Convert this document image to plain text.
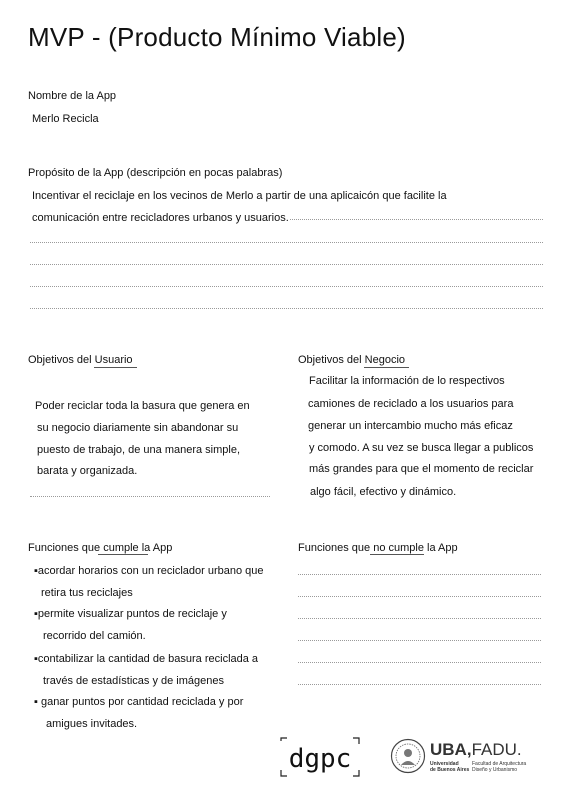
MVP - (Producto Mínimo Viable)
Nombre de la App
Merlo Recicla
Propósito de la App (descripción en pocas palabras)
Incentivar el reciclaje en los vecinos de Merlo a partir de una aplicaicón que facilite la
comunicación entre recicladores urbanos y usuarios.
Objetivos del Usuario
Poder reciclar toda la basura que genera en
su negocio diariamente sin abandonar su
puesto de trabajo, de una manera simple,
barata y organizada.
Objetivos del Negocio
Facilitar la información de lo respectivos
camiones de reciclado a los usuarios para
generar un intercambio mucho más eficaz
y comodo. A su vez se busca llegar a publicos
más grandes para que el momento de reciclar
algo fácil, efectivo y dinámico.
Funciones que cumple la App
▪acordar horarios con un reciclador urbano que
retira tus reciclajes
▪permite visualizar puntos de reciclaje y
recorrido del camión.
▪contabilizar la cantidad de basura reciclada a
través de estadísticas y de imágenes
▪ ganar puntos por cantidad reciclada y por
amigues invitades.
Funciones que no cumple la App
dgpc	UBA,FADU.
Universidad
de Buenos Aires
Facultad de Arquitectura
Diseño y Urbanismo
